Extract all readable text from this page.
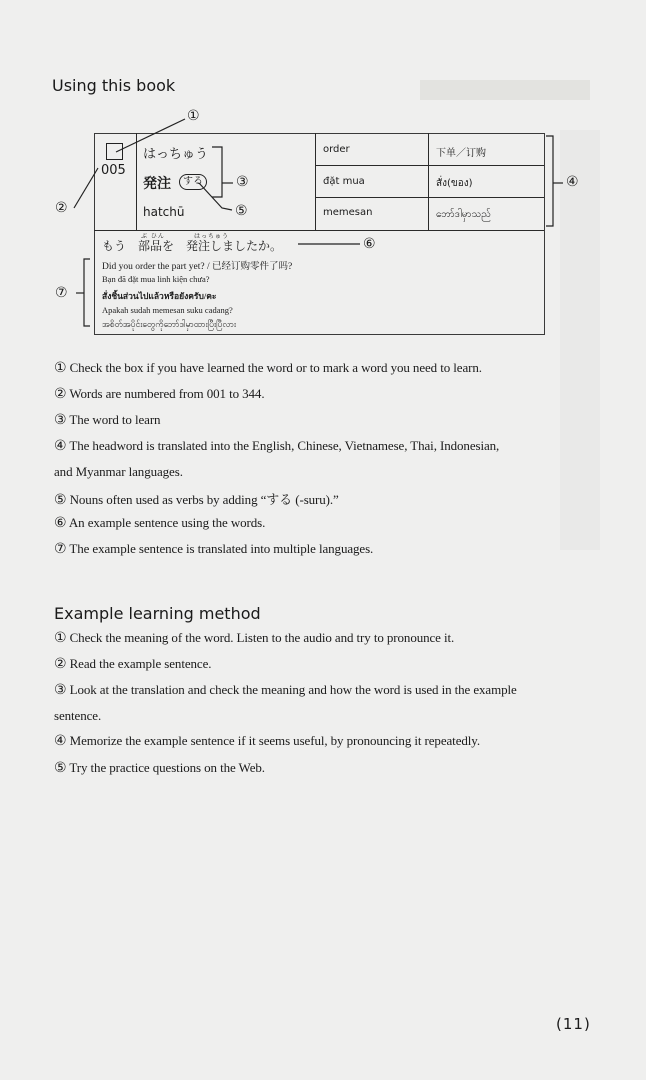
Using this book
005
はっちゅう
発注	する
hatchū
order	下单／订购
đặt mua	สั่ง(ของ)
memesan	ဘော်ဒါမှာသည်
ぶ ひん	はっちゅう
もう　部品を　発注しましたか。
Did you order the part yet? / 已经订购零件了吗?
Bạn đã đặt mua linh kiện chưa?
สั่งชิ้นส่วนไปแล้วหรือยังครับ/คะ
Apakah sudah memesan suku cadang?
အစိတ်အပိုင်းတွေကိုဘော်ဒါမှာထားပြီးပြီလား
①
②
③	④
⑤
⑥
⑦
① Check the box if you have learned the word or to mark a word you need to learn.
② Words are numbered from 001 to 344.
③ The word to learn
④ The headword is translated into the English, Chinese, Vietnamese, Thai, Indonesian,
and Myanmar languages.
⑤ Nouns often used as verbs by adding “する (-suru).”
⑥ An example sentence using the words.
⑦ The example sentence is translated into multiple languages.
Example learning method
① Check the meaning of the word. Listen to the audio and try to pronounce it.
② Read the example sentence.
③ Look at the translation and check the meaning and how the word is used in the example
sentence.
④ Memorize the example sentence if it seems useful, by pronouncing it repeatedly.
⑤ Try the practice questions on the Web.
(11)
